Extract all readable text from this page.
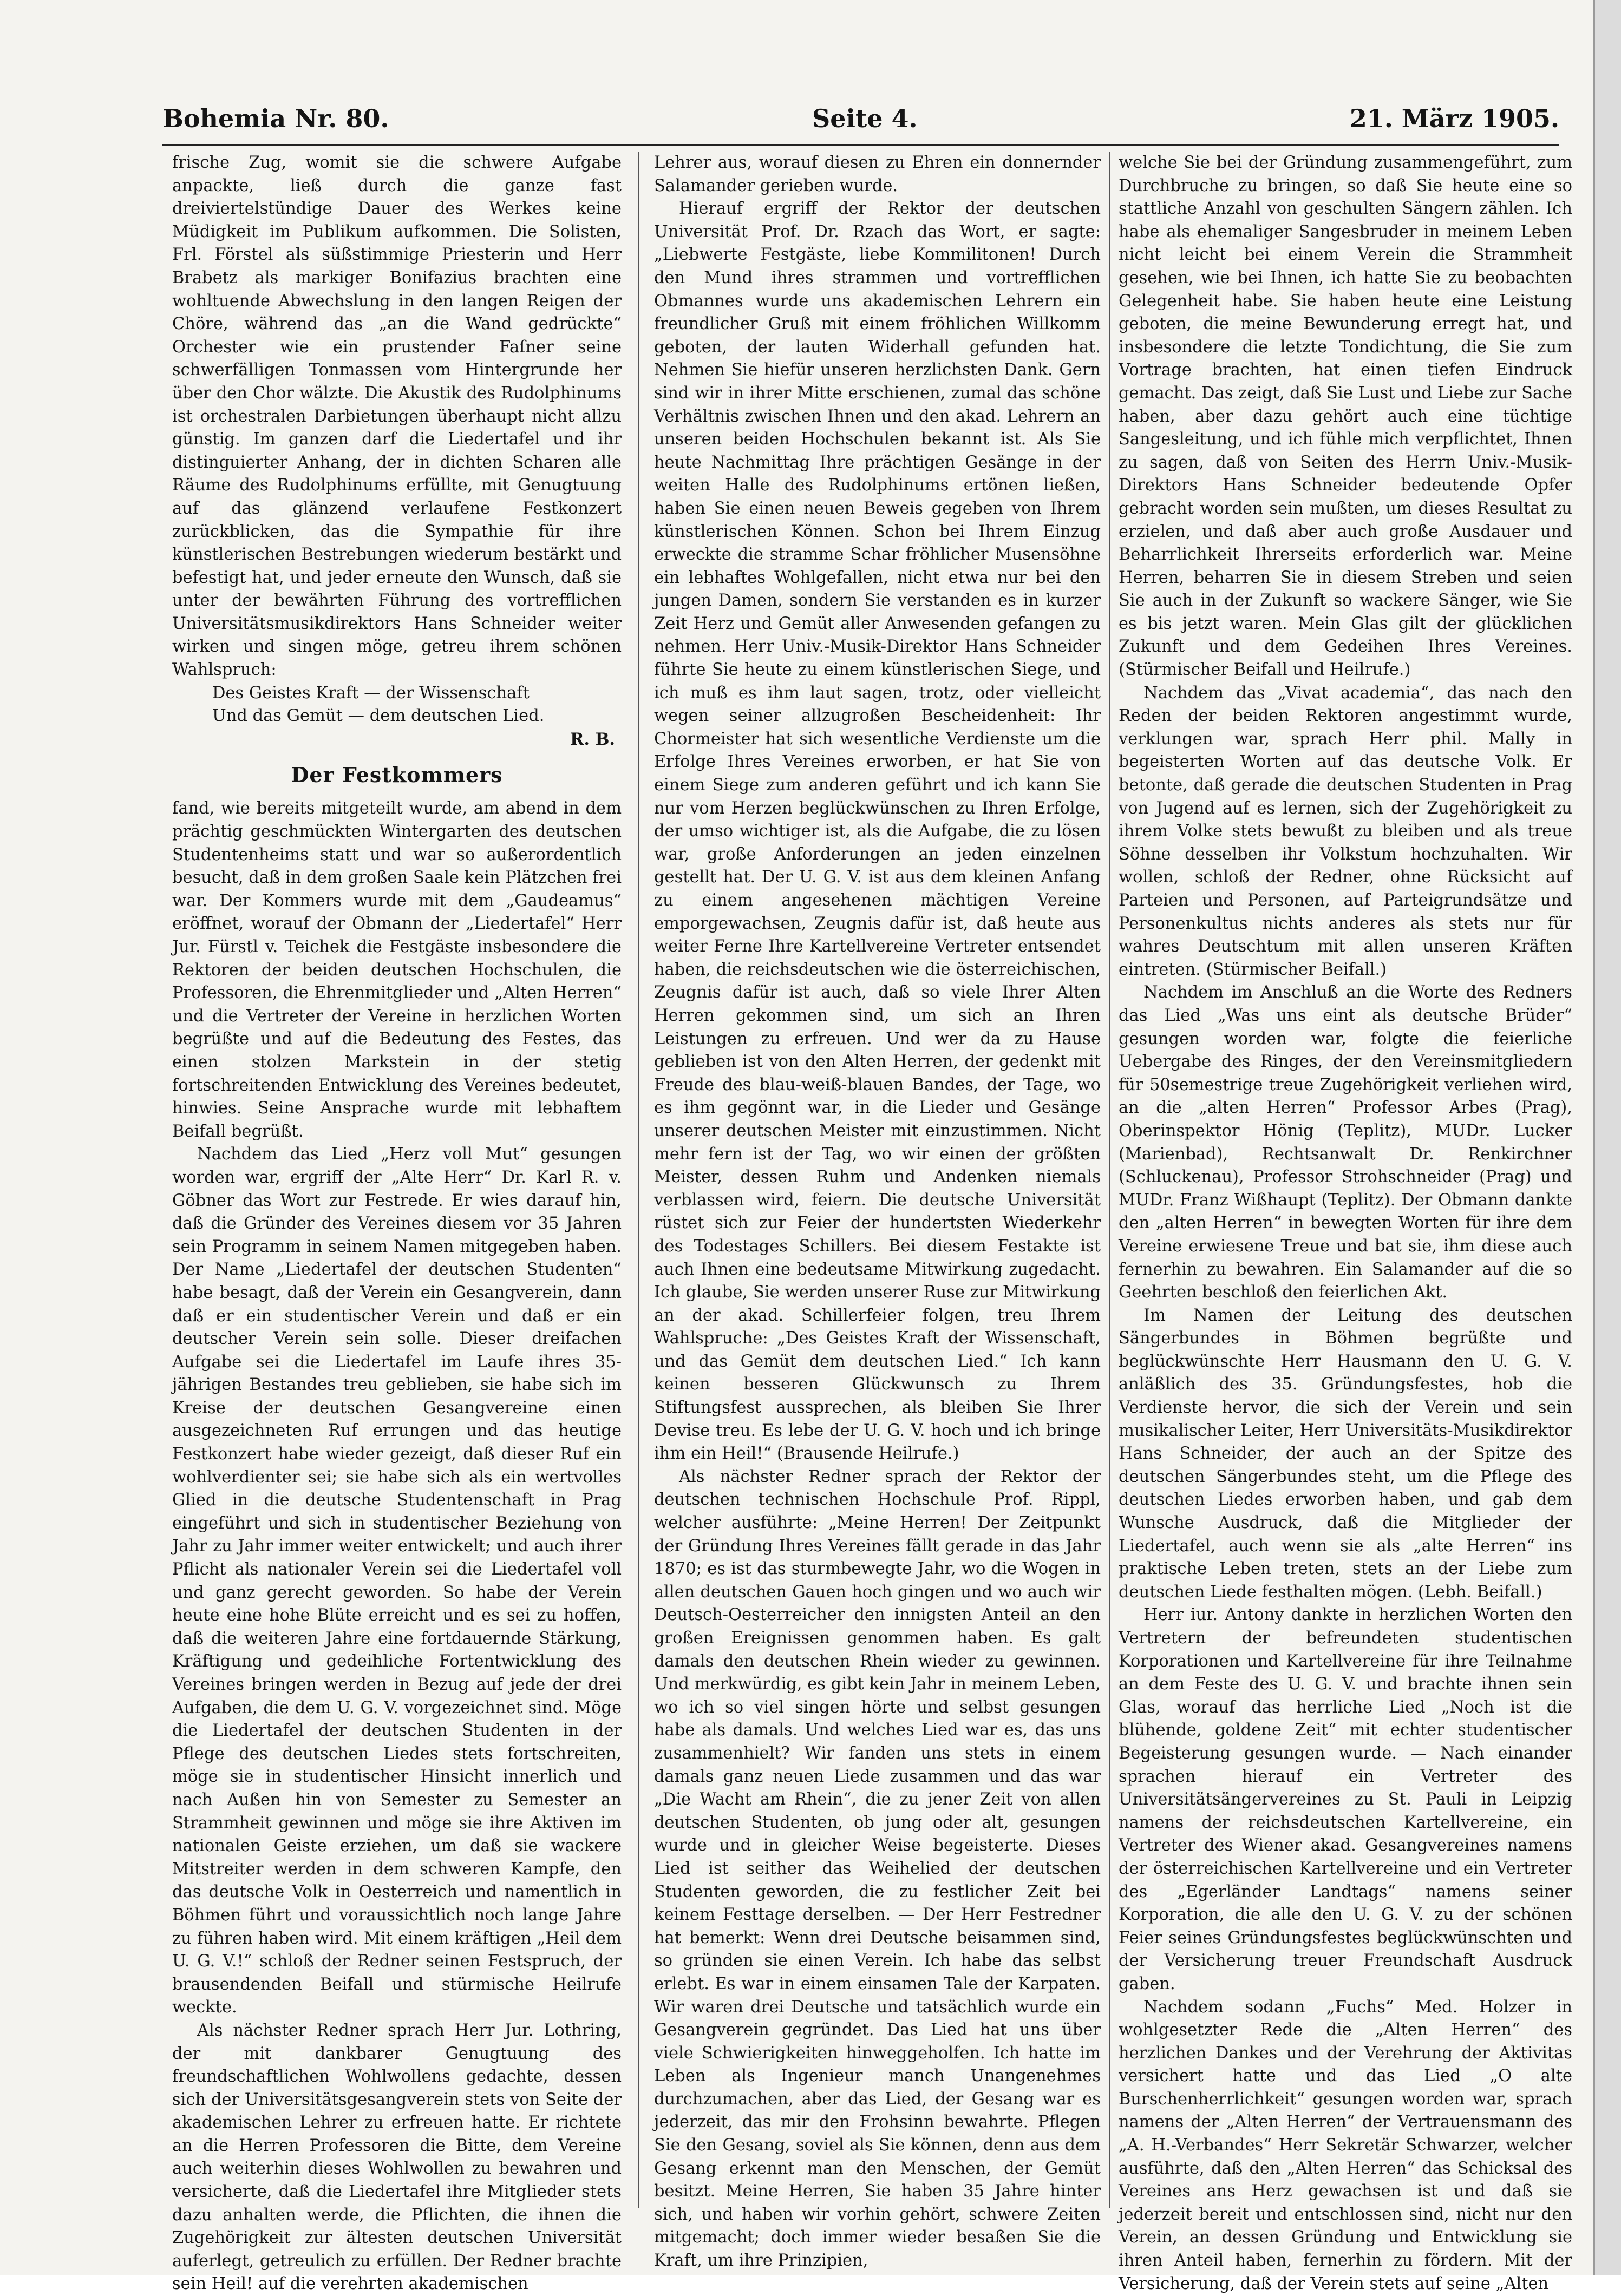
Bohemia Nr. 80.	Seite 4.	21. März 1905.

frische Zug, womit sie die schwere Aufgabe anpackte, ließ durch die ganze fast dreiviertelstündige Dauer des Werkes keine Müdigkeit im Publikum aufkommen. Die Solisten, Frl. Förstel als süßstimmige Priesterin und Herr Brabetz als markiger Bonifazius brachten eine wohltuende Abwechslung in den langen Reigen der Chöre, während das „an die Wand gedrückte“ Orchester wie ein prustender Faſner seine schwerfälligen Tonmassen vom Hintergrunde her über den Chor wälzte. Die Akustik des Rudolphinums ist orchestralen Darbietungen überhaupt nicht allzu günstig. Im ganzen darf die Liedertafel und ihr distinguierter Anhang, der in dichten Scharen alle Räume des Rudolphinums erfüllte, mit Genugtuung auf das glänzend verlaufene Festkonzert zurückblicken, das die Sympathie für ihre künstlerischen Bestrebungen wiederum bestärkt und befestigt hat, und jeder erneute den Wunsch, daß sie unter der bewährten Führung des vortrefflichen Universitätsmusikdirektors Hans Schneider weiter wirken und singen möge, getreu ihrem schönen Wahlspruch:

Des Geistes Kraft — der Wissenschaft

Und das Gemüt — dem deutschen Lied.

R. B.

Der Festkommers

fand, wie bereits mitgeteilt wurde, am abend in dem prächtig geschmückten Wintergarten des deutschen Studentenheims statt und war so außerordentlich besucht, daß in dem großen Saale kein Plätzchen frei war. Der Kommers wurde mit dem „Gaudeamus“ eröffnet, worauf der Obmann der „Liedertafel“ Herr Jur. Fürstl v. Teichek die Festgäste insbesondere die Rektoren der beiden deutschen Hochschulen, die Professoren, die Ehrenmitglieder und „Alten Herren“ und die Vertreter der Vereine in herzlichen Worten begrüßte und auf die Bedeutung des Festes, das einen stolzen Markstein in der stetig fortschreitenden Entwicklung des Vereines bedeutet, hinwies. Seine Ansprache wurde mit lebhaftem Beifall begrüßt.

Nachdem das Lied „Herz voll Mut“ gesungen worden war, ergriff der „Alte Herr“ Dr. Karl R. v. Göbner das Wort zur Festrede. Er wies darauf hin, daß die Gründer des Vereines diesem vor 35 Jahren sein Programm in seinem Namen mitgegeben haben. Der Name „Liedertafel der deutschen Studenten“ habe besagt, daß der Verein ein Gesangverein, dann daß er ein studentischer Verein und daß er ein deutscher Verein sein solle. Dieser dreifachen Aufgabe sei die Liedertafel im Laufe ihres 35-jährigen Bestandes treu geblieben, sie habe sich im Kreise der deutschen Gesangvereine einen ausgezeichneten Ruf errungen und das heutige Festkonzert habe wieder gezeigt, daß dieser Ruf ein wohlverdienter sei; sie habe sich als ein wertvolles Glied in die deutsche Studentenschaft in Prag eingeführt und sich in studentischer Beziehung von Jahr zu Jahr immer weiter entwickelt; und auch ihrer Pflicht als nationaler Verein sei die Liedertafel voll und ganz gerecht geworden. So habe der Verein heute eine hohe Blüte erreicht und es sei zu hoffen, daß die weiteren Jahre eine fortdauernde Stärkung, Kräftigung und gedeihliche Fortentwicklung des Vereines bringen werden in Bezug auf jede der drei Aufgaben, die dem U. G. V. vorgezeichnet sind. Möge die Liedertafel der deutschen Studenten in der Pflege des deutschen Liedes stets fortschreiten, möge sie in studentischer Hinsicht innerlich und nach Außen hin von Semester zu Semester an Strammheit gewinnen und möge sie ihre Aktiven im nationalen Geiste erziehen, um daß sie wackere Mitstreiter werden in dem schweren Kampfe, den das deutsche Volk in Oesterreich und namentlich in Böhmen führt und voraussichtlich noch lange Jahre zu führen haben wird. Mit einem kräftigen „Heil dem U. G. V.!“ schloß der Redner seinen Festspruch, der brausendenden Beifall und stürmische Heilrufe weckte.

Als nächster Redner sprach Herr Jur. Lothring, der mit dankbarer Genugtuung des freundschaftlichen Wohlwollens gedachte, dessen sich der Universitätsgesangverein stets von Seite der akademischen Lehrer zu erfreuen hatte. Er richtete an die Herren Professoren die Bitte, dem Vereine auch weiterhin dieses Wohlwollen zu bewahren und versicherte, daß die Liedertafel ihre Mitglieder stets dazu anhalten werde, die Pflichten, die ihnen die Zugehörigkeit zur ältesten deutschen Universität auferlegt, getreulich zu erfüllen. Der Redner brachte sein Heil! auf die verehrten akademischen

Lehrer aus, worauf diesen zu Ehren ein donnernder Salamander gerieben wurde.

Hierauf ergriff der Rektor der deutschen Universität Prof. Dr. Rzach das Wort, er sagte: „Liebwerte Festgäste, liebe Kommilitonen! Durch den Mund ihres strammen und vortrefflichen Obmannes wurde uns akademischen Lehrern ein freundlicher Gruß mit einem fröhlichen Willkomm geboten, der lauten Widerhall gefunden hat. Nehmen Sie hiefür unseren herzlichsten Dank. Gern sind wir in ihrer Mitte erschienen, zumal das schöne Verhältnis zwischen Ihnen und den akad. Lehrern an unseren beiden Hochschulen bekannt ist. Als Sie heute Nachmittag Ihre prächtigen Gesänge in der weiten Halle des Rudolphinums ertönen ließen, haben Sie einen neuen Beweis gegeben von Ihrem künstlerischen Können. Schon bei Ihrem Einzug erweckte die stramme Schar fröhlicher Musensöhne ein lebhaftes Wohlgefallen, nicht etwa nur bei den jungen Damen, sondern Sie verstanden es in kurzer Zeit Herz und Gemüt aller Anwesenden gefangen zu nehmen. Herr Univ.-Musik-Direktor Hans Schneider führte Sie heute zu einem künstlerischen Siege, und ich muß es ihm laut sagen, trotz, oder vielleicht wegen seiner allzugroßen Bescheidenheit: Ihr Chormeister hat sich wesentliche Verdienste um die Erfolge Ihres Vereines erworben, er hat Sie von einem Siege zum anderen geführt und ich kann Sie nur vom Herzen beglückwünschen zu Ihren Erfolge, der umso wichtiger ist, als die Aufgabe, die zu lösen war, große Anforderungen an jeden einzelnen gestellt hat. Der U. G. V. ist aus dem kleinen Anfang zu einem angesehenen mächtigen Vereine emporgewachsen, Zeugnis dafür ist, daß heute aus weiter Ferne Ihre Kartellvereine Vertreter entsendet haben, die reichsdeutschen wie die österreichischen, Zeugnis dafür ist auch, daß so viele Ihrer Alten Herren gekommen sind, um sich an Ihren Leistungen zu erfreuen. Und wer da zu Hause geblieben ist von den Alten Herren, der gedenkt mit Freude des blau-weiß-blauen Bandes, der Tage, wo es ihm gegönnt war, in die Lieder und Gesänge unserer deutschen Meister mit einzustimmen. Nicht mehr fern ist der Tag, wo wir einen der größten Meister, dessen Ruhm und Andenken niemals verblassen wird, feiern. Die deutsche Universität rüstet sich zur Feier der hundertsten Wiederkehr des Todestages Schillers. Bei diesem Festakte ist auch Ihnen eine bedeutsame Mitwirkung zugedacht. Ich glaube, Sie werden unserer Ruse zur Mitwirkung an der akad. Schillerfeier folgen, treu Ihrem Wahlspruche: „Des Geistes Kraft der Wissenschaft, und das Gemüt dem deutschen Lied.“ Ich kann keinen besseren Glückwunsch zu Ihrem Stiftungsfest aussprechen, als bleiben Sie Ihrer Devise treu. Es lebe der U. G. V. hoch und ich bringe ihm ein Heil!“ (Brausende Heilrufe.)

Als nächster Redner sprach der Rektor der deutschen technischen Hochschule Prof. Rippl, welcher ausführte: „Meine Herren! Der Zeitpunkt der Gründung Ihres Vereines fällt gerade in das Jahr 1870; es ist das sturmbewegte Jahr, wo die Wogen in allen deutschen Gauen hoch gingen und wo auch wir Deutsch-Oesterreicher den innigsten Anteil an den großen Ereignissen genommen haben. Es galt damals den deutschen Rhein wieder zu gewinnen. Und merkwürdig, es gibt kein Jahr in meinem Leben, wo ich so viel singen hörte und selbst gesungen habe als damals. Und welches Lied war es, das uns zusammenhielt? Wir fanden uns stets in einem damals ganz neuen Liede zusammen und das war „Die Wacht am Rhein“, die zu jener Zeit von allen deutschen Studenten, ob jung oder alt, gesungen wurde und in gleicher Weise begeisterte. Dieses Lied ist seither das Weihelied der deutschen Studenten geworden, die zu festlicher Zeit bei keinem Festtage derselben. — Der Herr Festredner hat bemerkt: Wenn drei Deutsche beisammen sind, so gründen sie einen Verein. Ich habe das selbst erlebt. Es war in einem einsamen Tale der Karpaten. Wir waren drei Deutsche und tatsächlich wurde ein Gesangverein gegründet. Das Lied hat uns über viele Schwierigkeiten hinweggeholfen. Ich hatte im Leben als Ingenieur manch Unangenehmes durchzumachen, aber das Lied, der Gesang war es jederzeit, das mir den Frohsinn bewahrte. Pflegen Sie den Gesang, soviel als Sie können, denn aus dem Gesang erkennt man den Menschen, der Gemüt besitzt. Meine Herren, Sie haben 35 Jahre hinter sich, und haben wir vorhin gehört, schwere Zeiten mitgemacht; doch immer wieder besaßen Sie die Kraft, um ihre Prinzipien,

welche Sie bei der Gründung zusammengeführt, zum Durchbruche zu bringen, so daß Sie heute eine so stattliche Anzahl von geschulten Sängern zählen. Ich habe als ehemaliger Sangesbruder in meinem Leben nicht leicht bei einem Verein die Strammheit gesehen, wie bei Ihnen, ich hatte Sie zu beobachten Gelegenheit habe. Sie haben heute eine Leistung geboten, die meine Bewunderung erregt hat, und insbesondere die letzte Tondichtung, die Sie zum Vortrage brachten, hat einen tiefen Eindruck gemacht. Das zeigt, daß Sie Lust und Liebe zur Sache haben, aber dazu gehört auch eine tüchtige Sangesleitung, und ich fühle mich verpflichtet, Ihnen zu sagen, daß von Seiten des Herrn Univ.-Musik-Direktors Hans Schneider bedeutende Opfer gebracht worden sein mußten, um dieses Resultat zu erzielen, und daß aber auch große Ausdauer und Beharrlichkeit Ihrerseits erforderlich war. Meine Herren, beharren Sie in diesem Streben und seien Sie auch in der Zukunft so wackere Sänger, wie Sie es bis jetzt waren. Mein Glas gilt der glücklichen Zukunft und dem Gedeihen Ihres Vereines. (Stürmischer Beifall und Heilrufe.)

Nachdem das „Vivat academia“, das nach den Reden der beiden Rektoren angestimmt wurde, verklungen war, sprach Herr phil. Mally in begeisterten Worten auf das deutsche Volk. Er betonte, daß gerade die deutschen Studenten in Prag von Jugend auf es lernen, sich der Zugehörigkeit zu ihrem Volke stets bewußt zu bleiben und als treue Söhne desselben ihr Volkstum hochzuhalten. Wir wollen, schloß der Redner, ohne Rücksicht auf Parteien und Personen, auf Parteigrundsätze und Personenkultus nichts anderes als stets nur für wahres Deutschtum mit allen unseren Kräften eintreten. (Stürmischer Beifall.)

Nachdem im Anschluß an die Worte des Redners das Lied „Was uns eint als deutsche Brüder“ gesungen worden war, folgte die feierliche Uebergabe des Ringes, der den Vereinsmitgliedern für 50semestrige treue Zugehörigkeit verliehen wird, an die „alten Herren“ Professor Arbes (Prag), Oberinspektor Hönig (Teplitz), MUDr. Lucker (Marienbad), Rechtsanwalt Dr. Renkirchner (Schluckenau), Professor Strohschneider (Prag) und MUDr. Franz Wißhaupt (Teplitz). Der Obmann dankte den „alten Herren“ in bewegten Worten für ihre dem Vereine erwiesene Treue und bat sie, ihm diese auch fernerhin zu bewahren. Ein Salamander auf die so Geehrten beschloß den feierlichen Akt.

Im Namen der Leitung des deutschen Sängerbundes in Böhmen begrüßte und beglückwünschte Herr Hausmann den U. G. V. anläßlich des 35. Gründungsfestes, hob die Verdienste hervor, die sich der Verein und sein musikalischer Leiter, Herr Universitäts-Musikdirektor Hans Schneider, der auch an der Spitze des deutschen Sängerbundes steht, um die Pflege des deutschen Liedes erworben haben, und gab dem Wunsche Ausdruck, daß die Mitglieder der Liedertafel, auch wenn sie als „alte Herren“ ins praktische Leben treten, stets an der Liebe zum deutschen Liede festhalten mögen. (Lebh. Beifall.)

Herr iur. Antony dankte in herzlichen Worten den Vertretern der befreundeten studentischen Korporationen und Kartellvereine für ihre Teilnahme an dem Feste des U. G. V. und brachte ihnen sein Glas, worauf das herrliche Lied „Noch ist die blühende, goldene Zeit“ mit echter studentischer Begeisterung gesungen wurde. — Nach einander sprachen hierauf ein Vertreter des Universitätsängervereines zu St. Pauli in Leipzig namens der reichsdeutschen Kartellvereine, ein Vertreter des Wiener akad. Gesangvereines namens der österreichischen Kartellvereine und ein Vertreter des „Egerländer Landtags“ namens seiner Korporation, die alle den U. G. V. zu der schönen Feier seines Gründungsfestes beglückwünschten und der Versicherung treuer Freundschaft Ausdruck gaben.

Nachdem sodann „Fuchs“ Med. Holzer in wohlgesetzter Rede die „Alten Herren“ des herzlichen Dankes und der Verehrung der Aktivitas versichert hatte und das Lied „O alte Burschenherrlichkeit“ gesungen worden war, sprach namens der „Alten Herren“ der Vertrauensmann des „A. H.-Verbandes“ Herr Sekretär Schwarzer, welcher ausführte, daß den „Alten Herren“ das Schicksal des Vereines ans Herz gewachsen ist und daß sie jederzeit bereit und entschlossen sind, nicht nur den Verein, an dessen Gründung und Entwicklung sie ihren Anteil haben, fernerhin zu fördern. Mit der Versicherung, daß der Verein stets auf seine „Alten
